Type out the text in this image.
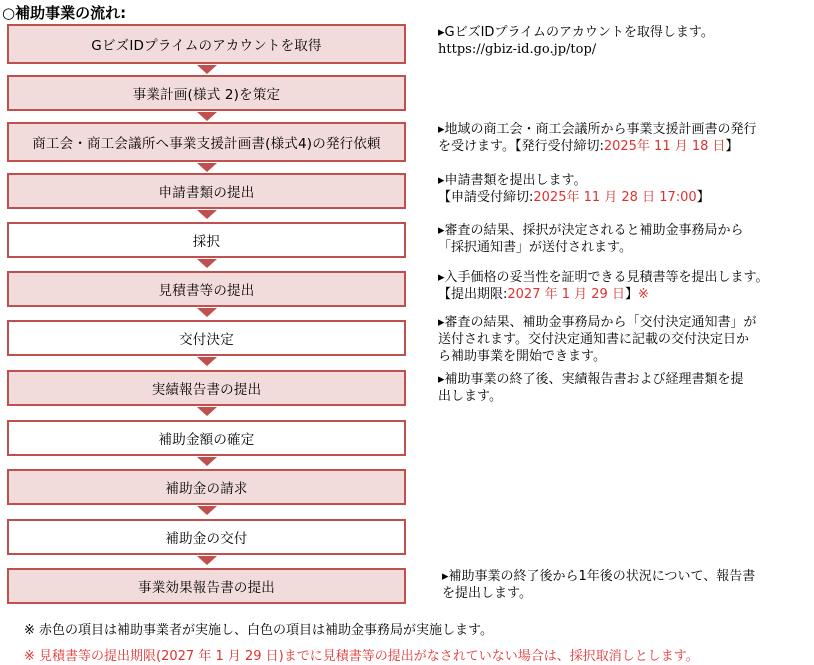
○補助事業の流れ:
GビズIDプライムのアカウントを取得
事業計画(様式 2)を策定
商工会・商工会議所へ事業支援計画書(様式4)の発行依頼
申請書類の提出
採択
見積書等の提出
交付決定
実績報告書の提出
補助金額の確定
補助金の請求
補助金の交付
事業効果報告書の提出
▸GビズIDプライムのアカウントを取得します。
https://gbiz-id.go.jp/top/
▸地域の商工会・商工会議所から事業支援計画書の発行
を受けます。【発行受付締切:2025年 11 月 18 日】
▸申請書類を提出します。
【申請受付締切:2025年 11 月 28 日 17:00】
▸審査の結果、採択が決定されると補助金事務局から
「採択通知書」が送付されます。
▸入手価格の妥当性を証明できる見積書等を提出します。
【提出期限:2027 年 1 月 29 日】※
▸審査の結果、補助金事務局から「交付決定通知書」が
送付されます。交付決定通知書に記載の交付決定日か
ら補助事業を開始できます。
▸補助事業の終了後、実績報告書および経理書類を提
出します。
▸補助事業の終了後から1年後の状況について、報告書
を提出します。
※ 赤色の項目は補助事業者が実施し、白色の項目は補助金事務局が実施します。
※ 見積書等の提出期限(2027 年 1 月 29 日)までに見積書等の提出がなされていない場合は、採択取消しとします。
